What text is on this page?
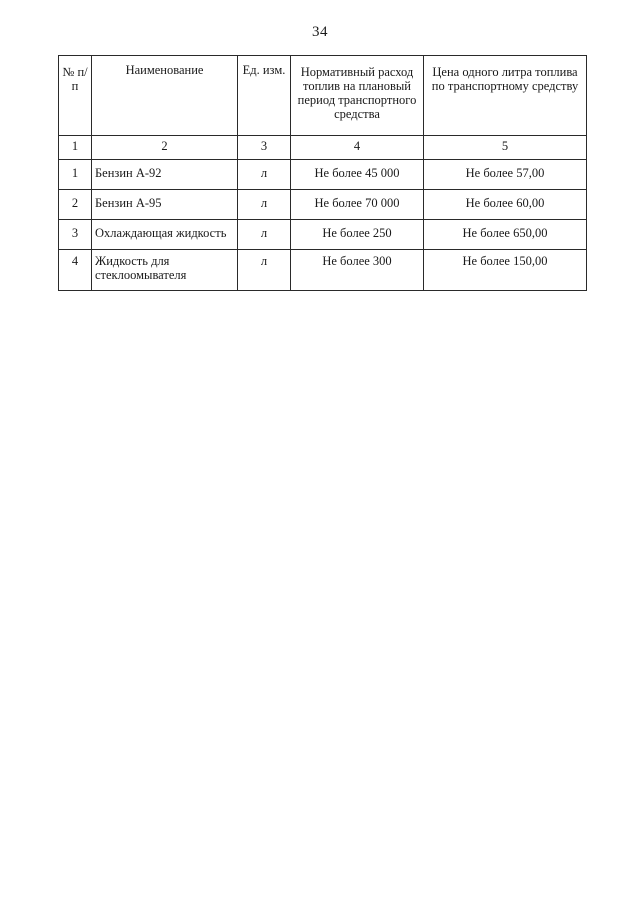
34
№ п/п	Наименование	Ед. изм.	Нормативный расход топлив на плановый период транспортного средства	Цена одного литра топлива по транспортному средству
1	2	3	4	5
1	Бензин А-92	л	Не более 45 000	Не более 57,00
2	Бензин А-95	л	Не более 70 000	Не более 60,00
3	Охлаждающая жидкость	л	Не более 250	Не более 650,00
4	Жидкость для стеклоомывателя	л	Не более 300	Не более 150,00
